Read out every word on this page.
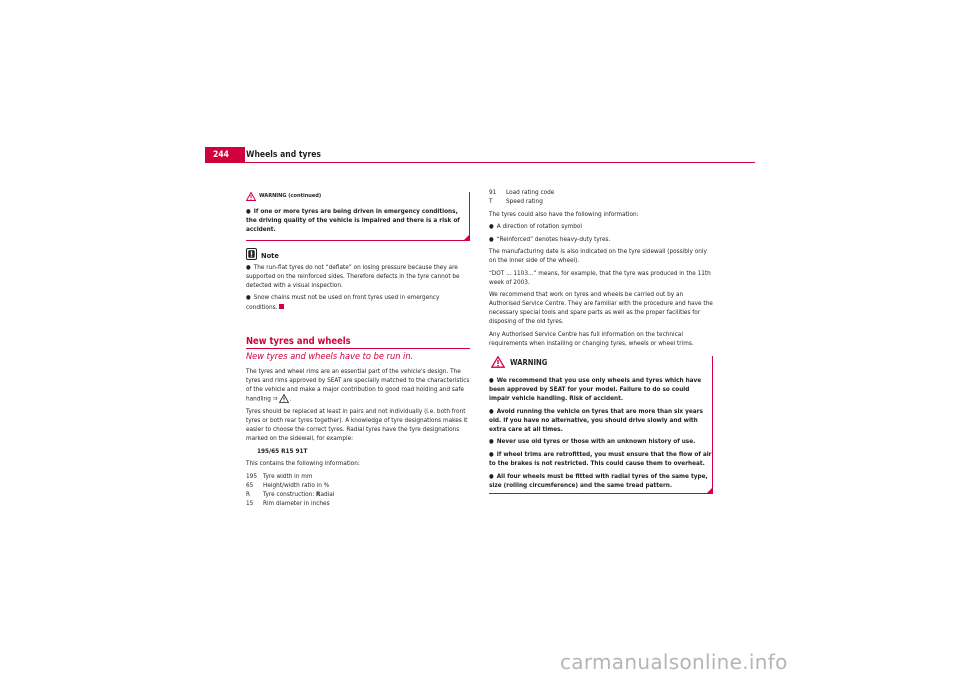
244	Wheels and tyres
WARNING (continued)
● If one or more tyres are being driven in emergency conditions, the driving quality of the vehicle is impaired and there is a risk of accident.
Note
● The run-flat tyres do not “deflate” on losing pressure because they are supported on the reinforced sides. Therefore defects in the tyre cannot be detected with a visual inspection.
● Snow chains must not be used on front tyres used in emergency conditions.
New tyres and wheels
New tyres and wheels have to be run in.

The tyres and wheel rims are an essential part of the vehicle's design. The tyres and rims approved by SEAT are specially matched to the characteristics of the vehicle and make a major contribution to good road holding and safe handling ⇒ .

Tyres should be replaced at least in pairs and not individually (i.e. both front tyres or both rear tyres together). A knowledge of tyre designations makes it easier to choose the correct tyres. Radial tyres have the tyre designations marked on the sidewall, for example:

195/65 R15 91T

This contains the following information:

195 Tyre width in mm
65	Height/width ratio in %
R	Tyre construction: Radial
15	Rim diameter in inches
91	Load rating code
T	Speed rating

The tyres could also have the following information:

● A direction of rotation symbol
● “Reinforced” denotes heavy-duty tyres.

The manufacturing date is also indicated on the tyre sidewall (possibly only on the inner side of the wheel).

“DOT ... 1103...” means, for example, that the tyre was produced in the 11th week of 2003.

We recommend that work on tyres and wheels be carried out by an Authorised Service Centre. They are familiar with the procedure and have the necessary special tools and spare parts as well as the proper facilities for disposing of the old tyres.

Any Authorised Service Centre has full information on the technical requirements when installing or changing tyres, wheels or wheel trims.

WARNING
● We recommend that you use only wheels and tyres which have been approved by SEAT for your model. Failure to do so could impair vehicle handling. Risk of accident.
● Avoid running the vehicle on tyres that are more than six years old. If you have no alternative, you should drive slowly and with extra care at all times.
● Never use old tyres or those with an unknown history of use.
● If wheel trims are retrofitted, you must ensure that the flow of air to the brakes is not restricted. This could cause them to overheat.
● All four wheels must be fitted with radial tyres of the same type, size (rolling circumference) and the same tread pattern.
carmanualsonline.info
